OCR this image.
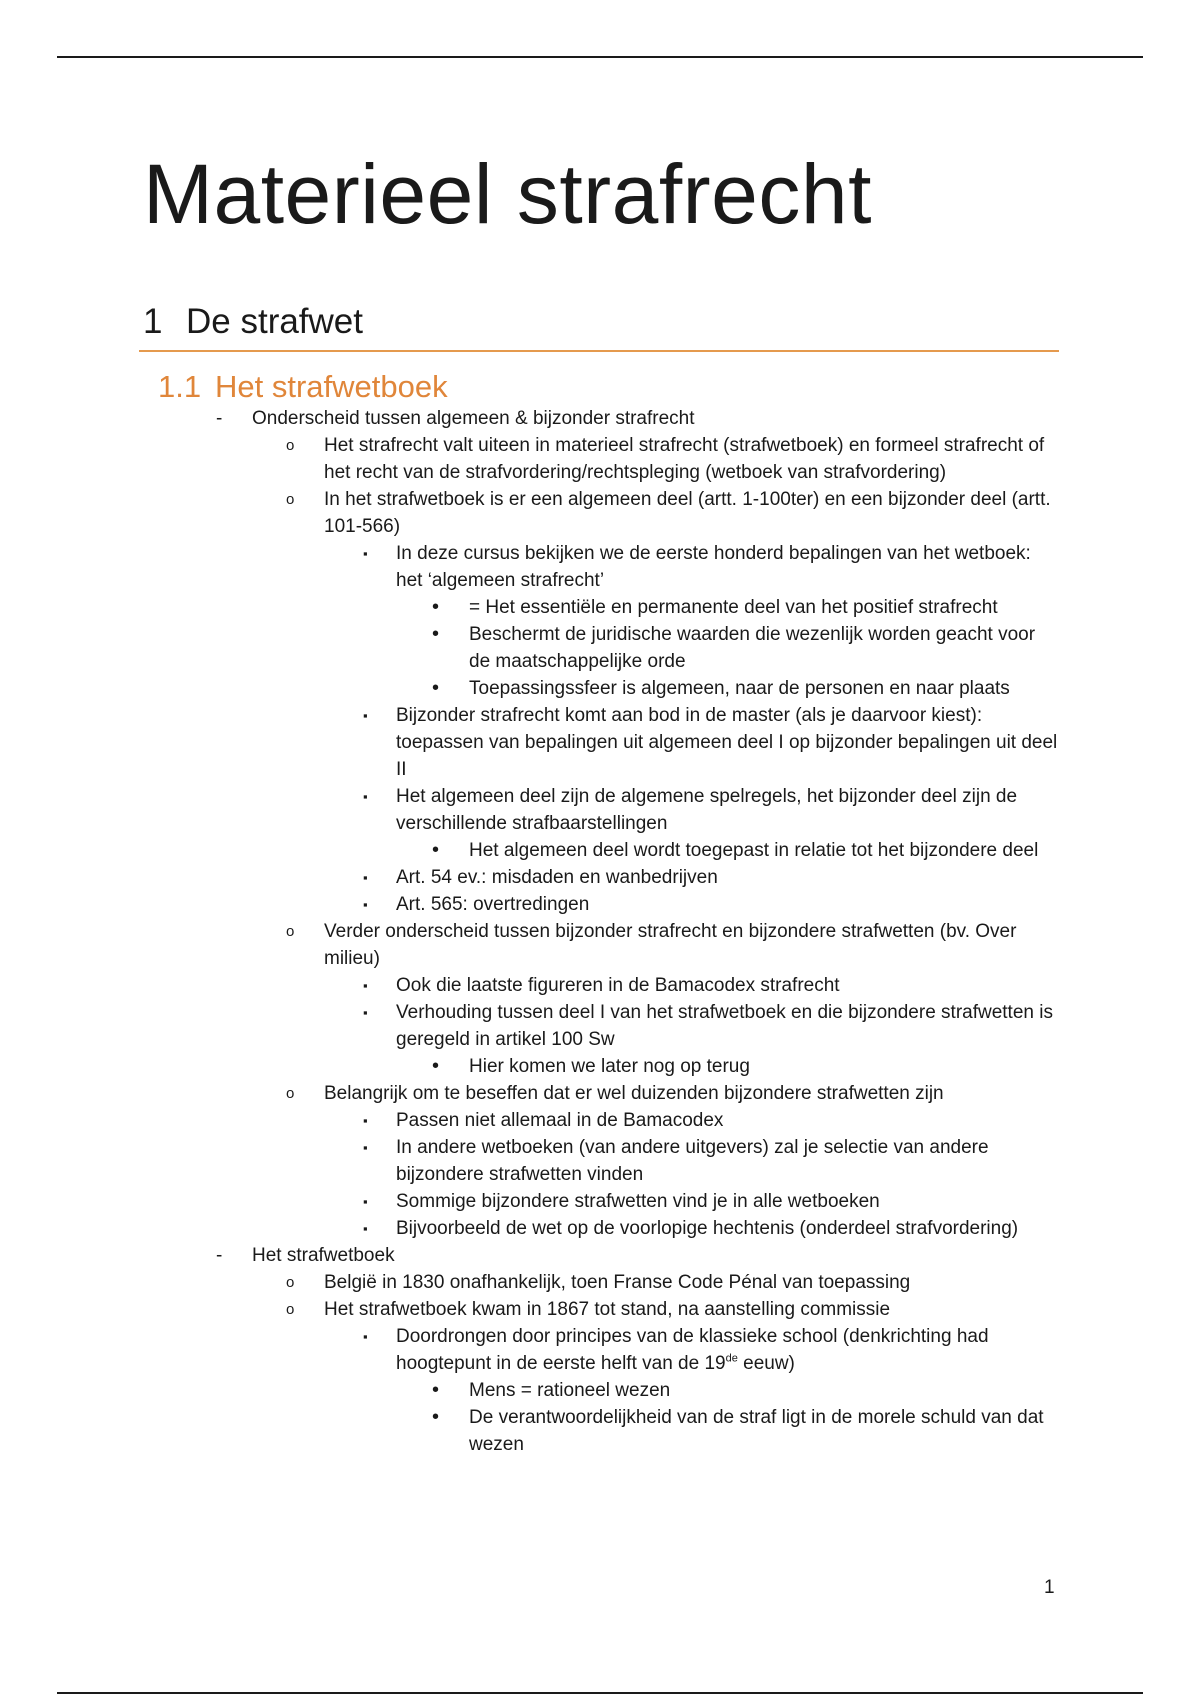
Materieel strafrecht
1 De strafwet
1.1 Het strafwetboek
- Onderscheid tussen algemeen & bijzonder strafrecht
o Het strafrecht valt uiteen in materieel strafrecht (strafwetboek) en formeel strafrecht of het recht van de strafvordering/rechtspleging (wetboek van strafvordering)
o In het strafwetboek is er een algemeen deel (artt. 1-100ter) en een bijzonder deel (artt. 101-566)
▪ In deze cursus bekijken we de eerste honderd bepalingen van het wetboek: het ‘algemeen strafrecht’
• = Het essentiële en permanente deel van het positief strafrecht
• Beschermt de juridische waarden die wezenlijk worden geacht voor de maatschappelijke orde
• Toepassingssfeer is algemeen, naar de personen en naar plaats
▪ Bijzonder strafrecht komt aan bod in de master (als je daarvoor kiest): toepassen van bepalingen uit algemeen deel I op bijzonder bepalingen uit deel II
▪ Het algemeen deel zijn de algemene spelregels, het bijzonder deel zijn de verschillende strafbaarstellingen
• Het algemeen deel wordt toegepast in relatie tot het bijzondere deel
▪ Art. 54 ev.: misdaden en wanbedrijven
▪ Art. 565: overtredingen
o Verder onderscheid tussen bijzonder strafrecht en bijzondere strafwetten (bv. Over milieu)
▪ Ook die laatste figureren in de Bamacodex strafrecht
▪ Verhouding tussen deel I van het strafwetboek en die bijzondere strafwetten is geregeld in artikel 100 Sw
• Hier komen we later nog op terug
o Belangrijk om te beseffen dat er wel duizenden bijzondere strafwetten zijn
▪ Passen niet allemaal in de Bamacodex
▪ In andere wetboeken (van andere uitgevers) zal je selectie van andere bijzondere strafwetten vinden
▪ Sommige bijzondere strafwetten vind je in alle wetboeken
▪ Bijvoorbeeld de wet op de voorlopige hechtenis (onderdeel strafvordering)
- Het strafwetboek
o België in 1830 onafhankelijk, toen Franse Code Pénal van toepassing
o Het strafwetboek kwam in 1867 tot stand, na aanstelling commissie
▪ Doordrongen door principes van de klassieke school (denkrichting had hoogtepunt in de eerste helft van de 19de eeuw)
• Mens = rationeel wezen
• De verantwoordelijkheid van de straf ligt in de morele schuld van dat wezen
1
